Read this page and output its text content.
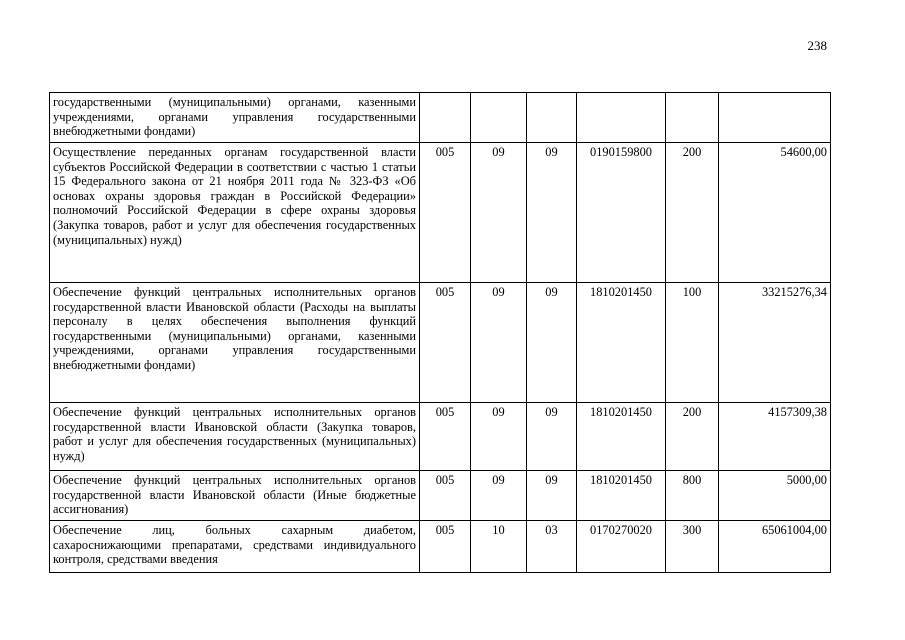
238
государственными (муниципальными) органами, казенными учреждениями, органами управления государственными внебюджетными фондами)						
Осуществление переданных органам государственной власти субъектов Российской Федерации в соответствии с частью 1 статьи 15 Федерального закона от 21 ноября 2011 года № 323-ФЗ «Об основах охраны здоровья граждан в Российской Федерации» полномочий Российской Федерации в сфере охраны здоровья (Закупка товаров, работ и услуг для обеспечения государственных (муниципальных) нужд)	005	09	09	0190159800	200	54600,00
Обеспечение функций центральных исполнительных органов государственной власти Ивановской области (Расходы на выплаты персоналу в целях обеспечения выполнения функций государственными (муниципальными) органами, казенными учреждениями, органами управления государственными внебюджетными фондами)	005	09	09	1810201450	100	33215276,34
Обеспечение функций центральных исполнительных органов государственной власти Ивановской области (Закупка товаров, работ и услуг для обеспечения государственных (муниципальных) нужд)	005	09	09	1810201450	200	4157309,38
Обеспечение функций центральных исполнительных органов государственной власти Ивановской области (Иные бюджетные ассигнования)	005	09	09	1810201450	800	5000,00
Обеспечение лиц, больных сахарным диабетом, сахароснижающими препаратами, средствами индивидуального контроля, средствами введения	005	10	03	0170270020	300	65061004,00
